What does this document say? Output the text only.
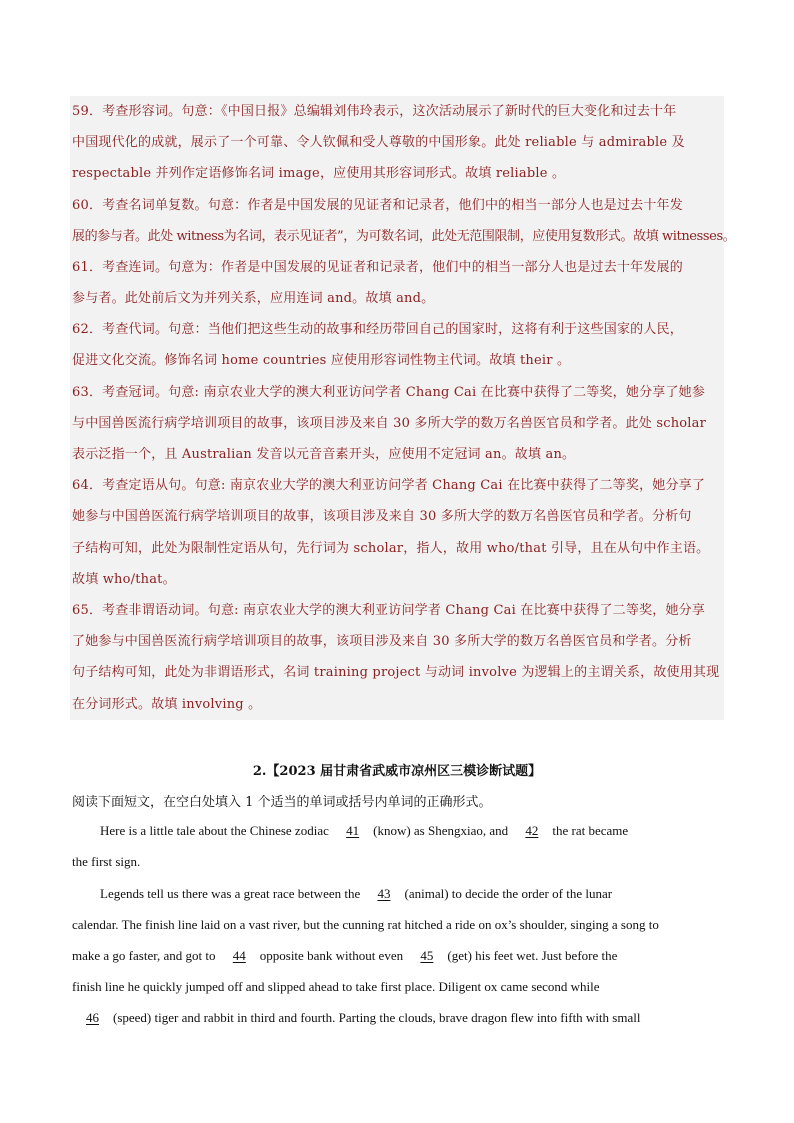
59．考查形容词。句意：《中国日报》总编辑刘伟玲表示，这次活动展示了新时代的巨大变化和过去十年
中国现代化的成就，展示了一个可靠、令人钦佩和受人尊敬的中国形象。此处 reliable 与 admirable 及
respectable 并列作定语修饰名词 image，应使用其形容词形式。故填 reliable 。
60．考查名词单复数。句意：作者是中国发展的见证者和记录者，他们中的相当一部分人也是过去十年发
展的参与者。此处 witness为名词，表示见证者”，为可数名词，此处无范围限制，应使用复数形式。故填 witnesses。
61．考查连词。句意为：作者是中国发展的见证者和记录者，他们中的相当一部分人也是过去十年发展的
参与者。此处前后文为并列关系，应用连词 and。故填 and。
62．考查代词。句意：当他们把这些生动的故事和经历带回自己的国家时，这将有利于这些国家的人民，
促进文化交流。修饰名词 home countries 应使用形容词性物主代词。故填 their 。
63．考查冠词。句意: 南京农业大学的澳大利亚访问学者 Chang Cai 在比赛中获得了二等奖，她分享了她参
与中国兽医流行病学培训项目的故事，该项目涉及来自 30 多所大学的数万名兽医官员和学者。此处 scholar
表示泛指一个，且 Australian 发音以元音音素开头，应使用不定冠词 an。故填 an。
64．考查定语从句。句意: 南京农业大学的澳大利亚访问学者 Chang Cai 在比赛中获得了二等奖，她分享了
她参与中国兽医流行病学培训项目的故事，该项目涉及来自 30 多所大学的数万名兽医官员和学者。分析句
子结构可知，此处为限制性定语从句，先行词为 scholar，指人，故用 who/that 引导，且在从句中作主语。
故填 who/that。
65．考查非谓语动词。句意: 南京农业大学的澳大利亚访问学者 Chang Cai 在比赛中获得了二等奖，她分享
了她参与中国兽医流行病学培训项目的故事，该项目涉及来自 30 多所大学的数万名兽医官员和学者。分析
句子结构可知，此处为非谓语形式，名词 training project 与动词 involve 为逻辑上的主谓关系，故使用其现
在分词形式。故填 involving 。
2.【2023 届甘肃省武威市凉州区三模诊断试题】
阅读下面短文，在空白处填入 1 个适当的单词或括号内单词的正确形式。
Here is a little tale about the Chinese zodiac 41 (know) as Shengxiao, and 42 the rat became
the first sign.
Legends tell us there was a great race between the 43 (animal) to decide the order of the lunar
calendar. The finish line laid on a vast river, but the cunning rat hitched a ride on ox’s shoulder, singing a song to
make a go faster, and got to 44 opposite bank without even 45 (get) his feet wet. Just before the
finish line he quickly jumped off and slipped ahead to take first place. Diligent ox came second while
46 (speed) tiger and rabbit in third and fourth. Parting the clouds, brave dragon flew into fifth with small
